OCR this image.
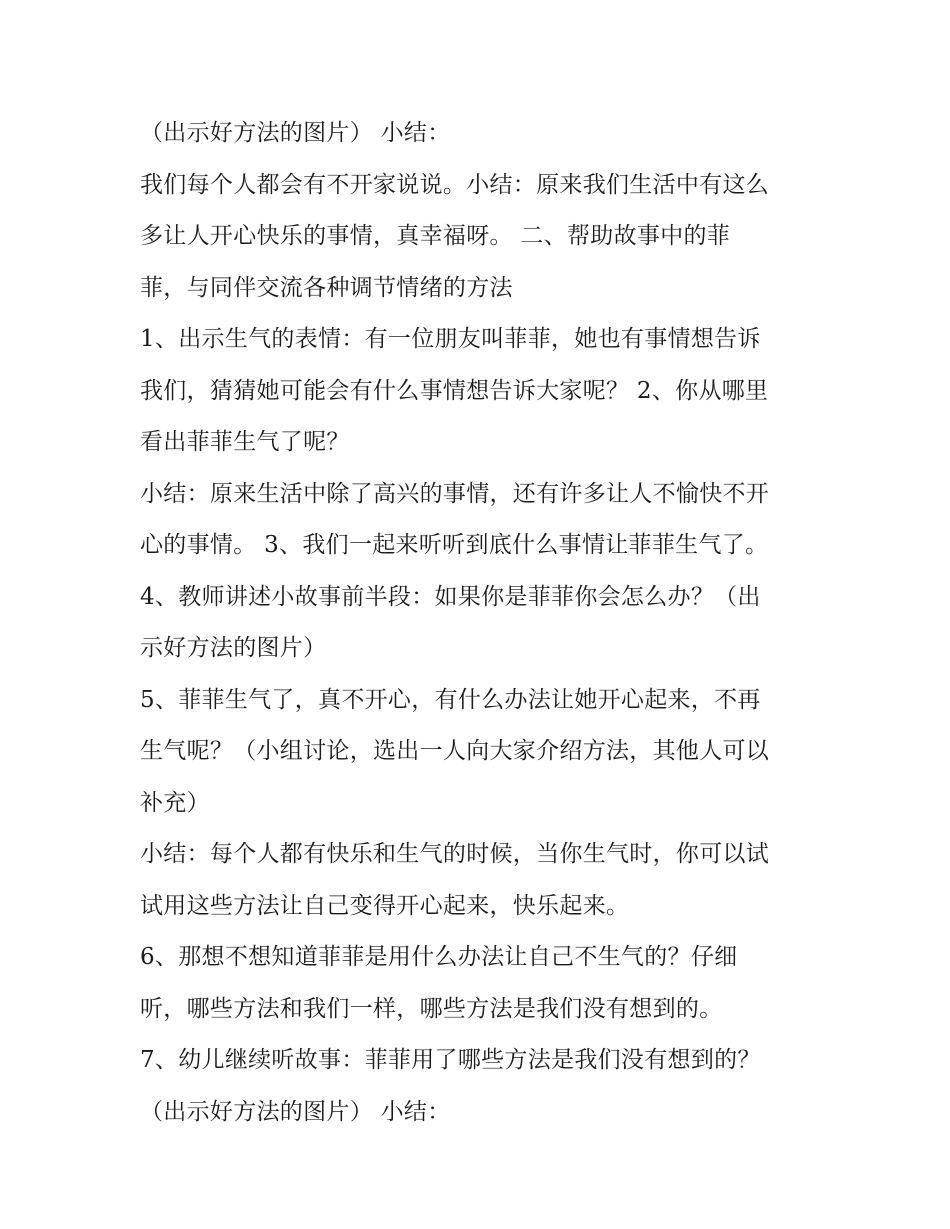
（出示好方法的图片） 小结：
我们每个人都会有不开家说说。小结：原来我们生活中有这么
多让人开心快乐的事情，真幸福呀。 二、帮助故事中的菲
菲，与同伴交流各种调节情绪的方法
1、出示生气的表情：有一位朋友叫菲菲，她也有事情想告诉
我们，猜猜她可能会有什么事情想告诉大家呢？ 2、你从哪里
看出菲菲生气了呢？
小结：原来生活中除了高兴的事情，还有许多让人不愉快不开
心的事情。 3、我们一起来听听到底什么事情让菲菲生气了。
4、教师讲述小故事前半段：如果你是菲菲你会怎么办？（出
示好方法的图片）
5、菲菲生气了，真不开心，有什么办法让她开心起来，不再
生气呢？（小组讨论，选出一人向大家介绍方法，其他人可以
补充）
小结：每个人都有快乐和生气的时候，当你生气时，你可以试
试用这些方法让自己变得开心起来，快乐起来。
6、那想不想知道菲菲是用什么办法让自己不生气的？仔细
听，哪些方法和我们一样，哪些方法是我们没有想到的。
7、幼儿继续听故事：菲菲用了哪些方法是我们没有想到的？
（出示好方法的图片） 小结：
